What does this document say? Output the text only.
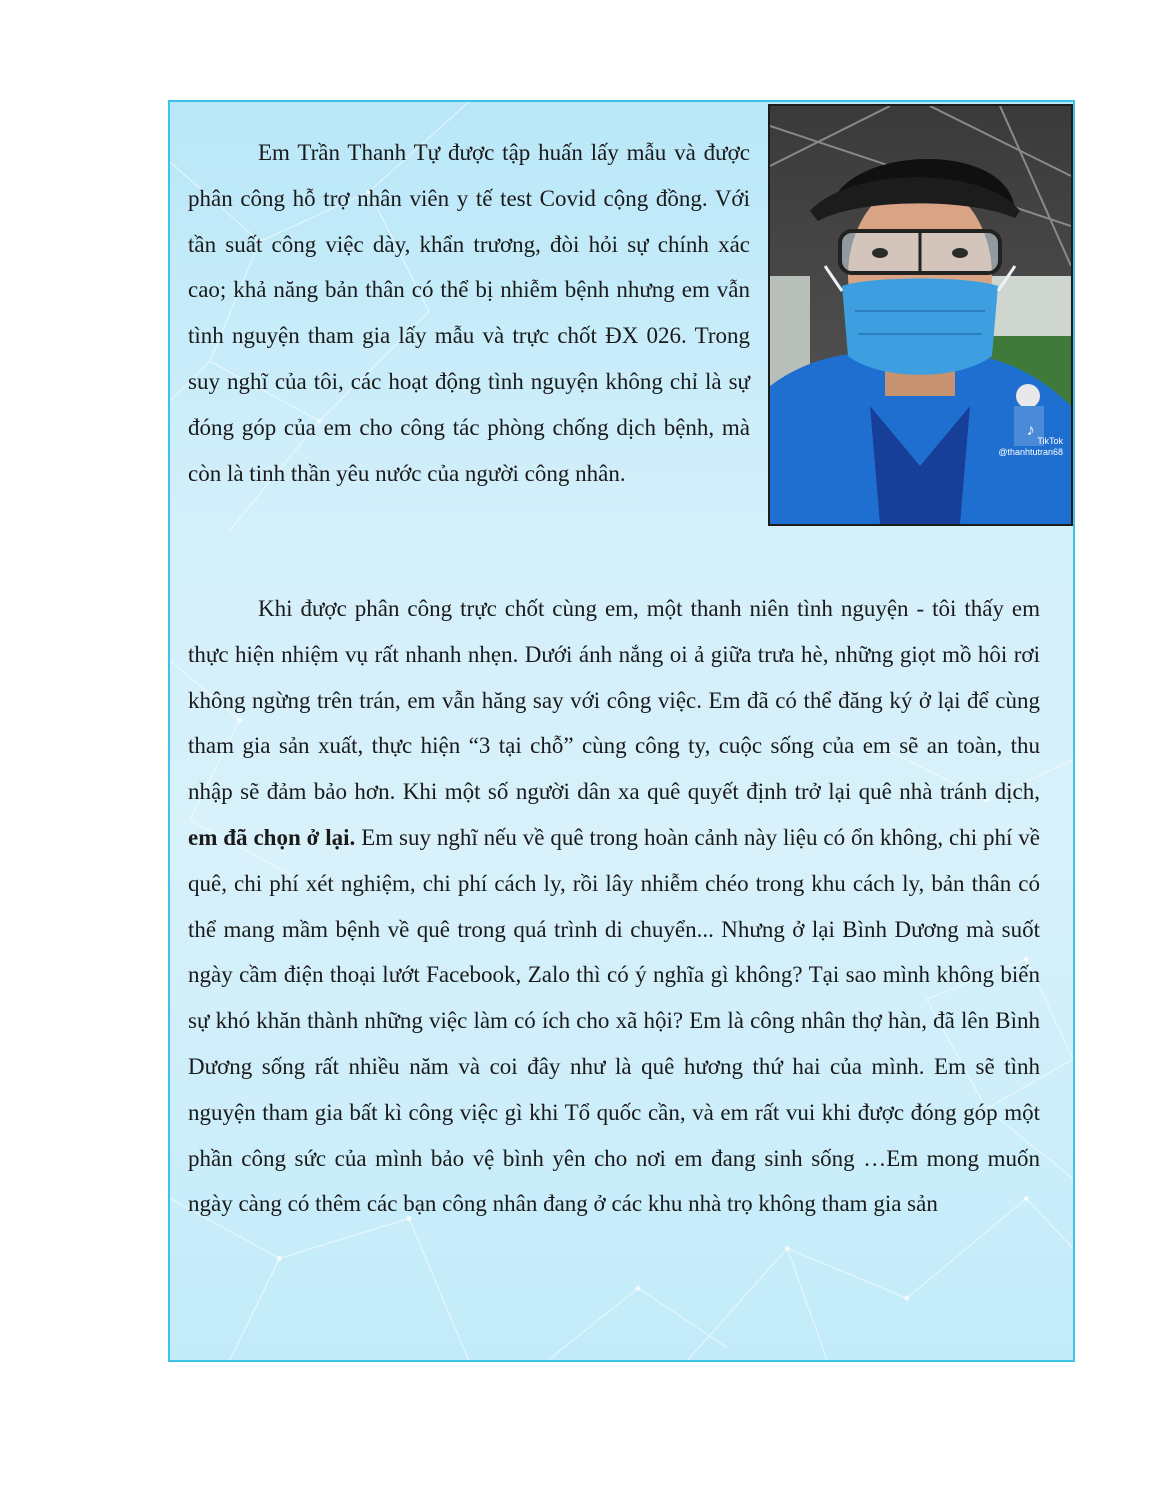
Em Trần Thanh Tự được tập huấn lấy mẫu và được phân công hỗ trợ nhân viên y tế test Covid cộng đồng. Với tần suất công việc dày, khẩn trương, đòi hỏi sự chính xác cao; khả năng bản thân có thể bị nhiễm bệnh nhưng em vẫn tình nguyện tham gia lấy mẫu và trực chốt ĐX 026. Trong suy nghĩ của tôi, các hoạt động tình nguyện không chỉ là sự đóng góp của em cho công tác phòng chống dịch bệnh, mà còn là tinh thần yêu nước của người công nhân.

♪
TikTok
@thanhtutran68

Khi được phân công trực chốt cùng em, một thanh niên tình nguyện - tôi thấy em thực hiện nhiệm vụ rất nhanh nhẹn. Dưới ánh nắng oi ả giữa trưa hè, những giọt mồ hôi rơi không ngừng trên trán, em vẫn hăng say với công việc. Em đã có thể đăng ký ở lại để cùng tham gia sản xuất, thực hiện “3 tại chỗ” cùng công ty, cuộc sống của em sẽ an toàn, thu nhập sẽ đảm bảo hơn. Khi một số người dân xa quê quyết định trở lại quê nhà tránh dịch, em đã chọn ở lại. Em suy nghĩ nếu về quê trong hoàn cảnh này liệu có ổn không, chi phí về quê, chi phí xét nghiệm, chi phí cách ly, rồi lây nhiễm chéo trong khu cách ly, bản thân có thể mang mầm bệnh về quê trong quá trình di chuyển... Nhưng ở lại Bình Dương mà suốt ngày cầm điện thoại lướt Facebook, Zalo thì có ý nghĩa gì không? Tại sao mình không biến sự khó khăn thành những việc làm có ích cho xã hội? Em là công nhân thợ hàn, đã lên Bình Dương sống rất nhiều năm và coi đây như là quê hương thứ hai của mình. Em sẽ tình nguyện tham gia bất kì công việc gì khi Tổ quốc cần, và em rất vui khi được đóng góp một phần công sức của mình bảo vệ bình yên cho nơi em đang sinh sống …Em mong muốn ngày càng có thêm các bạn công nhân đang ở các khu nhà trọ không tham gia sản
